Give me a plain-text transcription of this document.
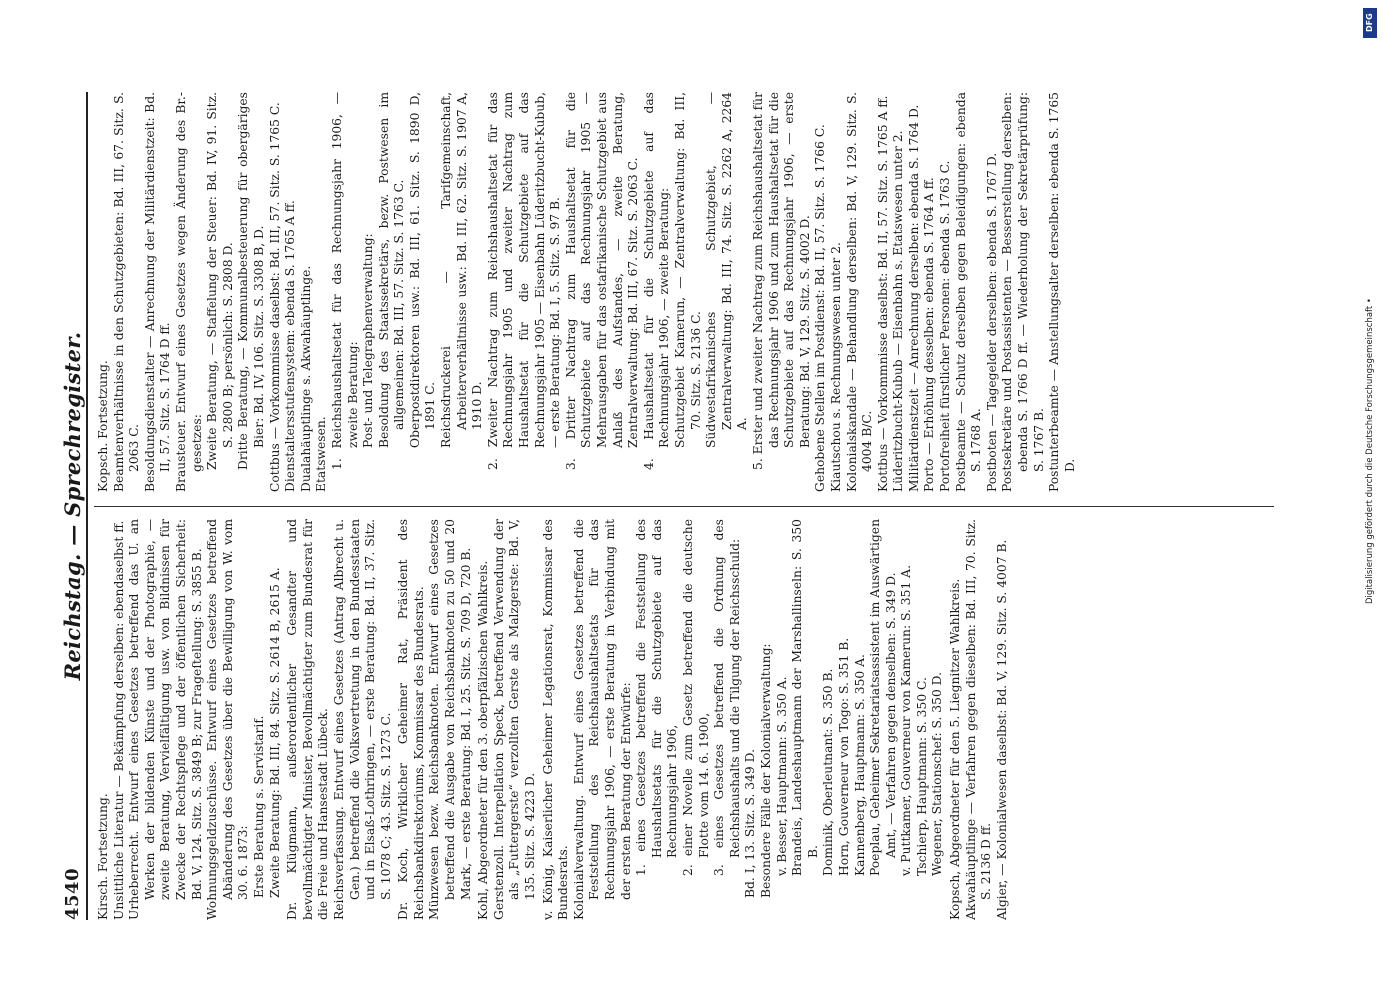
4540
Reichstag. — Sprechregister.

Kirsch. Fortsetzung. Unsittliche Literatur — Bekämpfung derselben: ebendaselbst ff. Urheberrecht. Entwurf eines Gesetzes betreffend das U. an Werken der bildenden Künste und der Photographie, — zweite Beratung, Vervielfältigung usw. von Bildnissen für Zwecke der Rechtspflege und der öffentlichen Sicherheit: Bd. V, 124. Sitz. S. 3849 B; zur Frageſtellung: S. 3855 B. Wohnungsgeldzuschüsse. Entwurf eines Gesetzes betreffend Abänderung des Gesetzes über die Bewilligung von W. vom 30. 6. 1873: Erste Beratung s. Servistarif. Zweite Beratung: Bd. III, 84. Sitz. S. 2614 B, 2615 A. Dr. Klügmann, außerordentlicher Gesandter und bevollmächtigter Minister, Bevollmächtigter zum Bundesrat für die Freie und Hansestadt Lübeck. Reichsverfassung. Entwurf eines Gesetzes (Antrag Albrecht u. Gen.) betreffend die Volksvertretung in den Bundesstaaten und in Elsaß-Lothringen, — erste Beratung: Bd. II, 37. Sitz. S. 1078 C; 43. Sitz. S. 1273 C. Dr. Koch, Wirklicher Geheimer Rat, Präsident des Reichsbankdirektoriums, Kommissar des Bundesrats. Münzwesen bezw. Reichsbanknoten. Entwurf eines Gesetzes betreffend die Ausgabe von Reichsbanknoten zu 50 und 20 Mark, — erste Beratung: Bd. I, 25. Sitz. S. 709 D, 720 B. Kohl, Abgeordneter für den 3. oberpfälzischen Wahlkreis. Gerstenzoll. Interpellation Speck, betreffend Verwendung der als „Futtergerste“ verzollten Gerste als Malzgerste: Bd. V, 135. Sitz. S. 4223 D. v. König, Kaiserlicher Geheimer Legationsrat, Kommissar des Bundesrats. Kolonialverwaltung. Entwurf eines Gesetzes betreffend die Feststellung des Reichshaushaltsetats für das Rechnungsjahr 1906, — erste Beratung in Verbindung mit der ersten Beratung der Entwürfe: 1. eines Gesetzes betreffend die Feststellung des Haushaltsetats für die Schutzgebiete auf das Rechnungsjahr 1906, 2. einer Novelle zum Gesetz betreffend die deutsche Flotte vom 14. 6. 1900, 3. eines Gesetzes betreffend die Ordnung des Reichshaushalts und die Tilgung der Reichsschuld: Bd. I, 13. Sitz. S. 349 D. Besondere Fälle der Kolonialverwaltung: v. Besser, Hauptmann: S. 350 A. Brandeis, Landeshauptmann der Marshallinseln: S. 350 B. Dominik, Oberleutnant: S. 350 B. Horn, Gouverneur von Togo: S. 351 B. Kannenberg, Hauptmann: S. 350 A. Poeplau, Geheimer Sekretariatsassistent im Auswärtigen Amt, — Verfahren gegen denselben: S. 349 D. v. Puttkamer, Gouverneur von Kamerun: S. 351 A. Tschierp, Hauptmann: S. 350 C. Wegener, Stationschef: S. 350 D. Kopsch, Abgeordneter für den 5. Liegnitzer Wahlkreis. Akwahäuptlinge — Verfahren gegen dieselben: Bd. III, 70. Sitz. S. 2136 D ff. Algier, — Kolonialwesen daselbst: Bd. V, 129. Sitz. S. 4007 B.

Kopsch. Fortsetzung. Beamtenverhältnisse in den Schutzgebieten: Bd. III, 67. Sitz. S. 2063 C. Besoldungsdienstalter — Anrechnung der Militärdienstzeit: Bd. II, 57. Sitz. S. 1764 D ff. Brausteuer. Entwurf eines Gesetzes wegen Änderung des Br.-gesetzes: Zweite Beratung, — Staffelung der Steuer: Bd. IV, 91. Sitz. S. 2800 B; persönlich: S. 2808 D. Dritte Beratung, — Kommunalbesteuerung für obergäriges Bier: Bd. IV, 106. Sitz. S. 3308 B, D. Cottbus — Vorkommnisse daselbst: Bd. III, 57. Sitz. S. 1765 C. Dienstaltersstufensystem: ebenda S. 1765 A ff. Dualahäuptlinge s. Akwahäuptlinge. Etatswesen. 1. Reichshaushaltsetat für das Rechnungsjahr 1906, — zweite Beratung: Post- und Telegraphenverwaltung: Besoldung des Staatssekretärs, bezw. Postwesen im allgemeinen: Bd. III, 57. Sitz. S. 1763 C. Oberpostdirektoren usw.: Bd. III, 61. Sitz. S. 1890 D, 1891 C. Reichsdruckerei — Tarifgemeinschaft, Arbeiterverhältnisse usw.: Bd. III, 62. Sitz. S. 1907 A, 1910 D. 2. Zweiter Nachtrag zum Reichshaushaltsetat für das Rechnungsjahr 1905 und zweiter Nachtrag zum Haushaltsetat für die Schutzgebiete auf das Rechnungsjahr 1905 — Eisenbahn Lüderitzbucht-Kubub, — erste Beratung: Bd. I, 5. Sitz. S. 97 B. 3. Dritter Nachtrag zum Haushaltsetat für die Schutzgebiete auf das Rechnungsjahr 1905 — Mehrausgaben für das ostafrikanische Schutzgebiet aus Anlaß des Aufstandes, — zweite Beratung, Zentralverwaltung: Bd. III, 67. Sitz. S. 2063 C. 4. Haushaltsetat für die Schutzgebiete auf das Rechnungsjahr 1906, — zweite Beratung: Schutzgebiet Kamerun, — Zentralverwaltung: Bd. III, 70. Sitz. S. 2136 C. Südwestafrikanisches Schutzgebiet, — Zentralverwaltung: Bd. III, 74. Sitz. S. 2262 A, 2264 A. 5. Erster und zweiter Nachtrag zum Reichshaushaltsetat für das Rechnungsjahr 1906 und zum Haushaltsetat für die Schutzgebiete auf das Rechnungsjahr 1906, — erste Beratung: Bd. V, 129. Sitz. S. 4002 D. Gehobene Stellen im Postdienst: Bd. II, 57. Sitz. S. 1766 C. Kiautschou s. Rechnungswesen unter 2. Kolonialskandale — Behandlung derselben: Bd. V, 129. Sitz. S. 4004 B/C. Kottbus — Vorkommnisse daselbst: Bd. II, 57. Sitz. S. 1765 A ff. Lüderitzbucht-Kubub — Eisenbahn s. Etatswesen unter 2. Militärdienstzeit — Anrechnung derselben: ebenda S. 1764 D. Porto — Erhöhung desselben: ebenda S. 1764 A ff. Portofreiheit fürstlicher Personen: ebenda S. 1763 C. Postbeamte — Schutz derselben gegen Beleidigungen: ebenda S. 1768 A. Postboten — Tagegelder derselben: ebenda S. 1767 D. Postsekretäre und Postassistenten — Besserstellung derselben: ebenda S. 1766 D ff. — Wiederholung der Sekretärprüfung: S. 1767 B. Postunterbeamte — Anstellungsalter derselben: ebenda S. 1765 D.

DFG
Digitalisierung gefördert durch die Deutsche Forschungsgemeinschaft •
